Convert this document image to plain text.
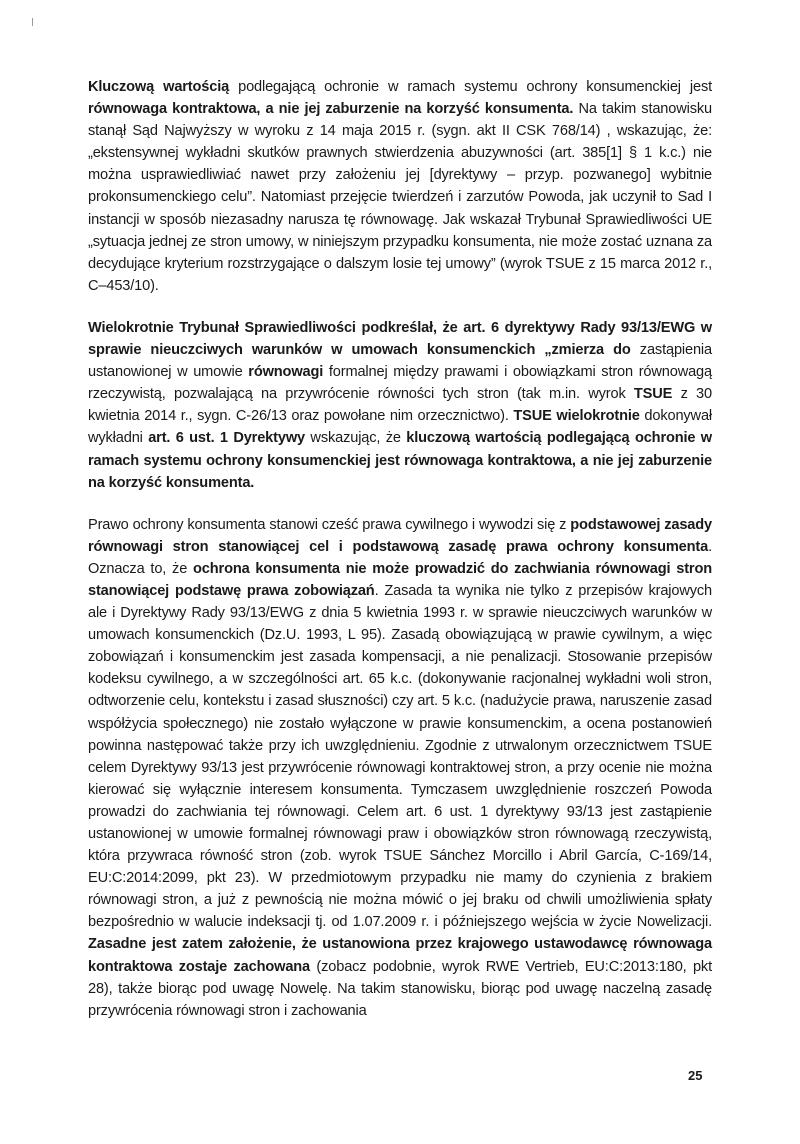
Kluczową wartością podlegającą ochronie w ramach systemu ochrony konsumenckiej jest równowaga kontraktowa, a nie jej zaburzenie na korzyść konsumenta. Na takim stanowisku stanął Sąd Najwyższy w wyroku z 14 maja 2015 r. (sygn. akt II CSK 768/14) , wskazując, że: „ekstensywnej wykładni skutków prawnych stwierdzenia abuzywności (art. 385[1] § 1 k.c.) nie można usprawiedliwiać nawet przy założeniu jej [dyrektywy – przyp. pozwanego] wybitnie prokonsumenckiego celu”. Natomiast przejęcie twierdzeń i zarzutów Powoda, jak uczynił to Sad I instancji w sposób niezasadny narusza tę równowagę. Jak wskazał Trybunał Sprawiedliwości UE „sytuacja jednej ze stron umowy, w niniejszym przypadku konsumenta, nie może zostać uznana za decydujące kryterium rozstrzygające o dalszym losie tej umowy” (wyrok TSUE z 15 marca 2012 r., C–453/10).

Wielokrotnie Trybunał Sprawiedliwości podkreślał, że art. 6 dyrektywy Rady 93/13/EWG w sprawie nieuczciwych warunków w umowach konsumenckich „zmierza do zastąpienia ustanowionej w umowie równowagi formalnej między prawami i obowiązkami stron równowagą rzeczywistą, pozwalającą na przywrócenie równości tych stron (tak m.in. wyrok TSUE z 30 kwietnia 2014 r., sygn. C-26/13 oraz powołane nim orzecznictwo). TSUE wielokrotnie dokonywał wykładni art. 6 ust. 1 Dyrektywy wskazując, że kluczową wartością podlegającą ochronie w ramach systemu ochrony konsumenckiej jest równowaga kontraktowa, a nie jej zaburzenie na korzyść konsumenta.

Prawo ochrony konsumenta stanowi cześć prawa cywilnego i wywodzi się z podstawowej zasady równowagi stron stanowiącej cel i podstawową zasadę prawa ochrony konsumenta. Oznacza to, że ochrona konsumenta nie może prowadzić do zachwiania równowagi stron stanowiącej podstawę prawa zobowiązań. Zasada ta wynika nie tylko z przepisów krajowych ale i Dyrektywy Rady 93/13/EWG z dnia 5 kwietnia 1993 r. w sprawie nieuczciwych warunków w umowach konsumenckich (Dz.U. 1993, L 95). Zasadą obowiązującą w prawie cywilnym, a więc zobowiązań i konsumenckim jest zasada kompensacji, a nie penalizacji. Stosowanie przepisów kodeksu cywilnego, a w szczególności art. 65 k.c. (dokonywanie racjonalnej wykładni woli stron, odtworzenie celu, kontekstu i zasad słuszności) czy art. 5 k.c. (nadużycie prawa, naruszenie zasad współżycia społecznego) nie zostało wyłączone w prawie konsumenckim, a ocena postanowień powinna następować także przy ich uwzględnieniu. Zgodnie z utrwalonym orzecznictwem TSUE celem Dyrektywy 93/13 jest przywrócenie równowagi kontraktowej stron, a przy ocenie nie można kierować się wyłącznie interesem konsumenta. Tymczasem uwzględnienie roszczeń Powoda prowadzi do zachwiania tej równowagi. Celem art. 6 ust. 1 dyrektywy 93/13 jest zastąpienie ustanowionej w umowie formalnej równowagi praw i obowiązków stron równowagą rzeczywistą, która przywraca równość stron (zob. wyrok TSUE Sánchez Morcillo i Abril García, C-169/14, EU:C:2014:2099, pkt 23). W przedmiotowym przypadku nie mamy do czynienia z brakiem równowagi stron, a już z pewnością nie można mówić o jej braku od chwili umożliwienia spłaty bezpośrednio w walucie indeksacji tj. od 1.07.2009 r. i późniejszego wejścia w życie Nowelizacji. Zasadne jest zatem założenie, że ustanowiona przez krajowego ustawodawcę równowaga kontraktowa zostaje zachowana (zobacz podobnie, wyrok RWE Vertrieb, EU:C:2013:180, pkt 28), także biorąc pod uwagę Nowelę. Na takim stanowisku, biorąc pod uwagę naczelną zasadę przywrócenia równowagi stron i zachowania

25
